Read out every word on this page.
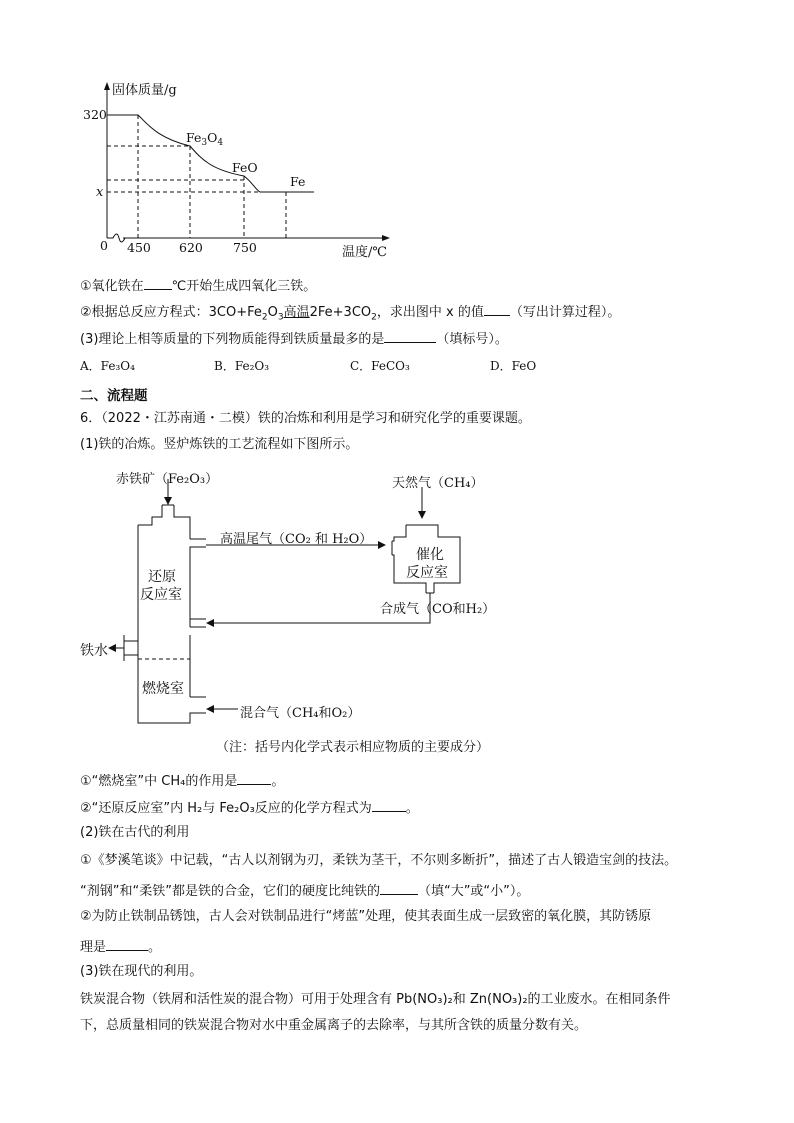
固体质量/g
320
x
0 450 620 750	温度/℃
$Fe_3O_4$
FeO
Fe
①氧化铁在 ℃开始生成四氧化三铁。
②根据总反应方程式：$3CO+Fe_2O_3$高温$2Fe+3CO_2$，求出图中 x 的值 （写出计算过程）。
(3)理论上相等质量的下列物质能得到铁质量最多的是	（填标号）。
A．Fe₃O₄	B．Fe₂O₃	C．FeCO₃	D．FeO
二、流程题
6．（2022・江苏南通・二模）铁的冶炼和利用是学习和研究化学的重要课题。
(1)铁的冶炼。竖炉炼铁的工艺流程如下图所示。
赤铁矿（Fe₂O₃）	天然气（CH₄）
高温尾气（CO₂ 和 H₂O）
催化
反应室
还原
反应室
合成气（CO和H₂）
铁水
燃烧室
混合气（CH₄和O₂）
（注：括号内化学式表示相应物质的主要成分）
①“燃烧室”中 CH₄的作用是	。
②“还原反应室”内 H₂与 Fe₂O₃反应的化学方程式为	。
(2)铁在古代的利用
①《梦溪笔谈》中记载，“古人以剂钢为刃，柔铁为茎干，不尔则多断折”，描述了古人锻造宝剑的技法。
“剂钢”和“柔铁”都是铁的合金，它们的硬度比纯铁的	（填“大”或“小”）。
②为防止铁制品锈蚀，古人会对铁制品进行“烤蓝”处理，使其表面生成一层致密的氧化膜，其防锈原
理是	。
(3)铁在现代的利用。
铁炭混合物（铁屑和活性炭的混合物）可用于处理含有 Pb(NO₃)₂和 Zn(NO₃)₂的工业废水。在相同条件
下，总质量相同的铁炭混合物对水中重金属离子的去除率，与其所含铁的质量分数有关。
